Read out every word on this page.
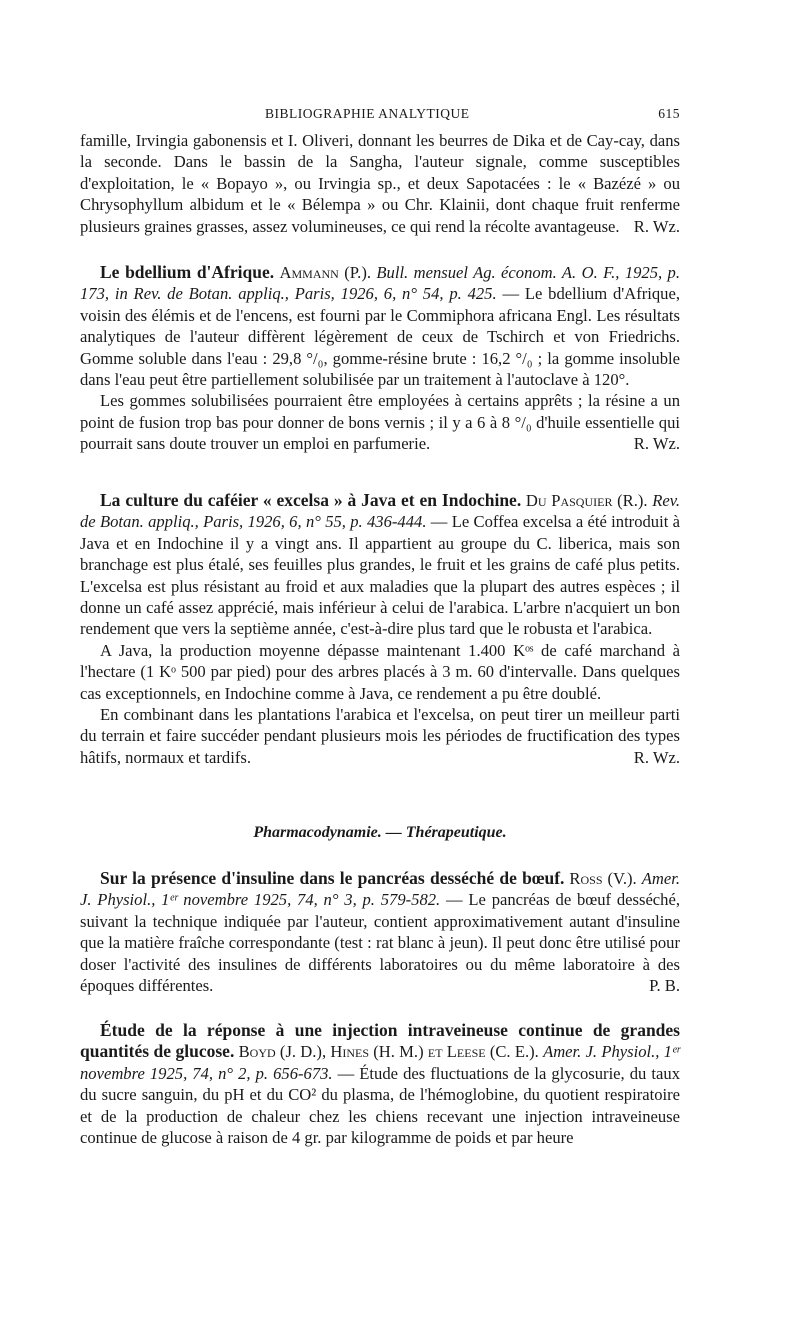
BIBLIOGRAPHIE ANALYTIQUE	615

famille, Irvingia gabonensis et I. Oliveri, donnant les beurres de Dika et de Cay-cay, dans la seconde. Dans le bassin de la Sangha, l'auteur signale, comme susceptibles d'exploitation, le « Bopayo », ou Irvingia sp., et deux Sapotacées : le « Bazézé » ou Chrysophyllum albidum et le « Bélempa » ou Chr. Klainii, dont chaque fruit renferme plusieurs graines grasses, assez volumineuses, ce qui rend la récolte avantageuse. R. Wz.

Le bdellium d'Afrique. Ammann (P.). Bull. mensuel Ag. économ. A. O. F., 1925, p. 173, in Rev. de Botan. appliq., Paris, 1926, 6, n° 54, p. 425. — Le bdellium d'Afrique, voisin des élémis et de l'encens, est fourni par le Commiphora africana Engl. Les résultats analytiques de l'auteur diffèrent légèrement de ceux de Tschirch et von Friedrichs. Gomme soluble dans l'eau : 29,8 °/₀, gomme-résine brute : 16,2 °/₀ ; la gomme insoluble dans l'eau peut être partiellement solubilisée par un traitement à l'autoclave à 120°.

Les gommes solubilisées pourraient être employées à certains apprêts ; la résine a un point de fusion trop bas pour donner de bons vernis ; il y a 6 à 8 °/₀ d'huile essentielle qui pourrait sans doute trouver un emploi en parfumerie.	R. Wz.

La culture du caféier « excelsa » à Java et en Indochine. Du Pasquier (R.). Rev. de Botan. appliq., Paris, 1926, 6, n° 55, p. 436-444. — Le Coffea excelsa a été introduit à Java et en Indochine il y a vingt ans. Il appartient au groupe du C. liberica, mais son branchage est plus étalé, ses feuilles plus grandes, le fruit et les grains de café plus petits. L'excelsa est plus résistant au froid et aux maladies que la plupart des autres espèces ; il donne un café assez apprécié, mais inférieur à celui de l'arabica. L'arbre n'acquiert un bon rendement que vers la septième année, c'est-à-dire plus tard que le robusta et l'arabica.

A Java, la production moyenne dépasse maintenant 1.400 Kᵒˢ de café marchand à l'hectare (1 Kᵒ 500 par pied) pour des arbres placés à 3 m. 60 d'intervalle. Dans quelques cas exceptionnels, en Indochine comme à Java, ce rendement a pu être doublé.

En combinant dans les plantations l'arabica et l'excelsa, on peut tirer un meilleur parti du terrain et faire succéder pendant plusieurs mois les périodes de fructification des types hâtifs, normaux et tardifs.	R. Wz.

Pharmacodynamie. — Thérapeutique.

Sur la présence d'insuline dans le pancréas desséché de bœuf. Ross (V.). Amer. J. Physiol., 1ᵉʳ novembre 1925, 74, n° 3, p. 579-582. — Le pancréas de bœuf desséché, suivant la technique indiquée par l'auteur, contient approximativement autant d'insuline que la matière fraîche correspondante (test : rat blanc à jeun). Il peut donc être utilisé pour doser l'activité des insulines de différents laboratoires ou du même laboratoire à des époques différentes.	P. B.

Étude de la réponse à une injection intraveineuse continue de grandes quantités de glucose. Boyd (J. D.), Hines (H. M.) et Leese (C. E.). Amer. J. Physiol., 1ᵉʳ novembre 1925, 74, n° 2, p. 656-673. — Étude des fluctuations de la glycosurie, du taux du sucre sanguin, du pH et du CO² du plasma, de l'hémoglobine, du quotient respiratoire et de la production de chaleur chez les chiens recevant une injection intraveineuse continue de glucose à raison de 4 gr. par kilogramme de poids et par heure
